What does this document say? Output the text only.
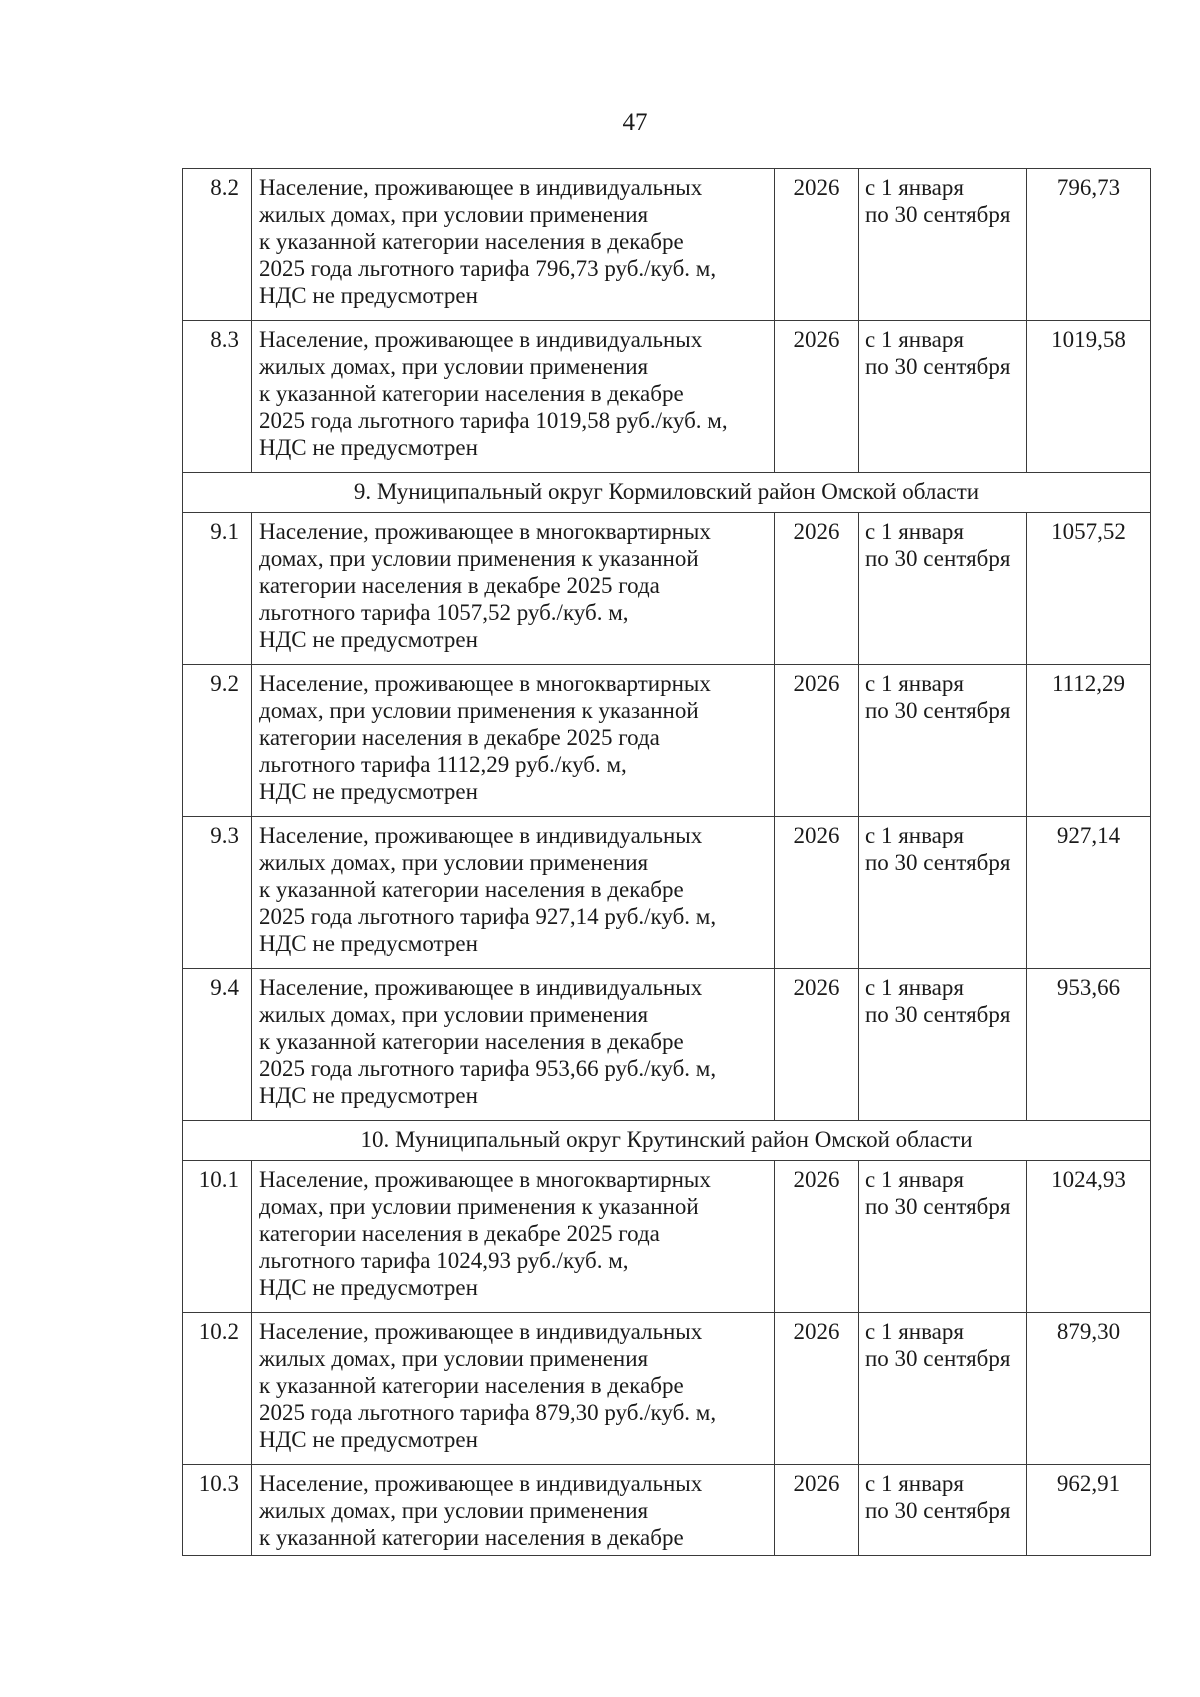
47
8.2	Население, проживающее в индивидуальных
жилых домах, при условии применения
к указанной категории населения в декабре
2025 года льготного тарифа 796,73 руб./куб. м,
НДС не предусмотрен	2026	с 1 января
по 30 сентября	796,73
8.3	Население, проживающее в индивидуальных
жилых домах, при условии применения
к указанной категории населения в декабре
2025 года льготного тарифа 1019,58 руб./куб. м,
НДС не предусмотрен	2026	с 1 января
по 30 сентября	1019,58
9. Муниципальный округ Кормиловский район Омской области				
9.1	Население, проживающее в многоквартирных
домах, при условии применения к указанной
категории населения в декабре 2025 года
льготного тарифа 1057,52 руб./куб. м,
НДС не предусмотрен	2026	с 1 января
по 30 сентября	1057,52
9.2	Население, проживающее в многоквартирных
домах, при условии применения к указанной
категории населения в декабре 2025 года
льготного тарифа 1112,29 руб./куб. м,
НДС не предусмотрен	2026	с 1 января
по 30 сентября	1112,29
9.3	Население, проживающее в индивидуальных
жилых домах, при условии применения
к указанной категории населения в декабре
2025 года льготного тарифа 927,14 руб./куб. м,
НДС не предусмотрен	2026	с 1 января
по 30 сентября	927,14
9.4	Население, проживающее в индивидуальных
жилых домах, при условии применения
к указанной категории населения в декабре
2025 года льготного тарифа 953,66 руб./куб. м,
НДС не предусмотрен	2026	с 1 января
по 30 сентября	953,66
10. Муниципальный округ Крутинский район Омской области				
10.1	Население, проживающее в многоквартирных
домах, при условии применения к указанной
категории населения в декабре 2025 года
льготного тарифа 1024,93 руб./куб. м,
НДС не предусмотрен	2026	с 1 января
по 30 сентября	1024,93
10.2	Население, проживающее в индивидуальных
жилых домах, при условии применения
к указанной категории населения в декабре
2025 года льготного тарифа 879,30 руб./куб. м,
НДС не предусмотрен	2026	с 1 января
по 30 сентября	879,30
10.3	Население, проживающее в индивидуальных
жилых домах, при условии применения
к указанной категории населения в декабре	2026	с 1 января
по 30 сентября	962,91
